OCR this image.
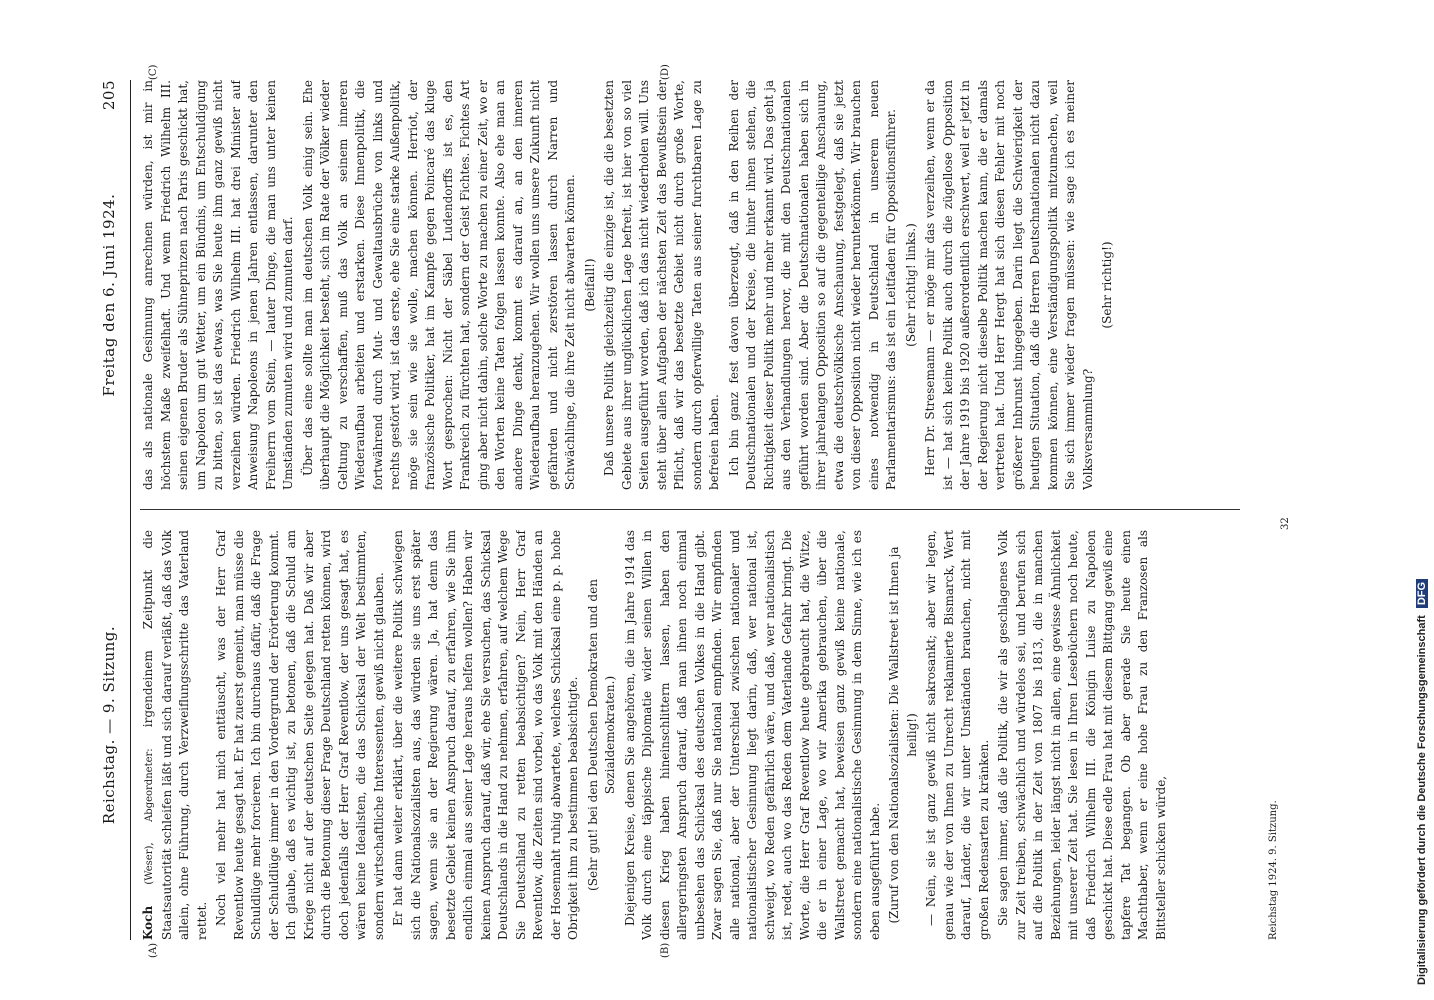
Reichstag. — 9. Sitzung.
Freitag den 6. Juni 1924.
205
(A)	(B)
(C)	(D)

Koch (Weser), Abgeordneter: irgendeinem Zeitpunkt die Staatsautorität schleifen läßt und sich darauf verläßt, daß das Volk allein, ohne Führung, durch Verzweiflungsschritte das Vaterland rettet. Noch viel mehr hat mich enttäuscht, was der Herr Graf Reventlow heute gesagt hat. Er hat zuerst gemeint, man müsse die Schuldlüge mehr forcieren. Ich bin durchaus dafür, daß die Frage der Schuldlüge immer in den Vordergrund der Erörterung kommt. Ich glaube, daß es wichtig ist, zu betonen, daß die Schuld am Kriege nicht auf der deutschen Seite gelegen hat. Daß wir aber durch die Betonung dieser Frage Deutschland retten können, wird doch jedenfalls der Herr Graf Reventlow, der uns gesagt hat, es wären keine Idealisten, die das Schicksal der Welt bestimmten, sondern wirtschaftliche Interessenten, gewiß nicht glauben. Er hat dann weiter erklärt, über die weitere Politik schwiegen sich die Nationalsozialisten aus, das würden sie uns erst später sagen, wenn sie an der Regierung wären. Ja, hat denn das besetzte Gebiet keinen Anspruch darauf, zu erfahren, wie Sie ihm endlich einmal aus seiner Lage heraus helfen wollen? Haben wir keinen Anspruch darauf, daß wir, ehe Sie versuchen, das Schicksal Deutschlands in die Hand zu nehmen, erfahren, auf welchem Wege Sie Deutschland zu retten beabsichtigen? Nein, Herr Graf Reventlow, die Zeiten sind vorbei, wo das Volk mit den Händen an der Hosennaht ruhig abwartete, welches Schicksal eine p. p. hohe Obrigkeit ihm zu bestimmen beabsichtigte. (Sehr gut! bei den Deutschen Demokraten und den Sozialdemokraten.) Diejenigen Kreise, denen Sie angehören, die im Jahre 1914 das Volk durch eine täppische Diplomatie wider seinen Willen in diesen Krieg haben hineinschlittern lassen, haben den allergeringsten Anspruch darauf, daß man ihnen noch einmal unbesehen das Schicksal des deutschen Volkes in die Hand gibt. Zwar sagen Sie, daß nur Sie national empfinden. Wir empfinden alle national, aber der Unterschied zwischen nationaler und nationalistischer Gesinnung liegt darin, daß, wer national ist, schweigt, wo Reden gefährlich wäre, und daß, wer nationalistisch ist, redet, auch wo das Reden dem Vaterlande Gefahr bringt. Die Worte, die Herr Graf Reventlow heute gebraucht hat, die Witze, die er in einer Lage, wo wir Amerika gebrauchen, über die Wallstreet gemacht hat, beweisen ganz gewiß keine nationale, sondern eine nationalistische Gesinnung in dem Sinne, wie ich es eben ausgeführt habe. (Zuruf von den Nationalsozialisten: Die Wallstreet ist Ihnen ja heilig!) — Nein, sie ist ganz gewiß nicht sakrosankt; aber wir legen, genau wie der von Ihnen zu Unrecht reklamierte Bismarck, Wert darauf, Länder, die wir unter Umständen brauchen, nicht mit großen Redensarten zu kränken. Sie sagen immer, daß die Politik, die wir als geschlagenes Volk zur Zeit treiben, schwächlich und würdelos sei, und berufen sich auf die Politik in der Zeit von 1807 bis 1813, die in manchen Beziehungen, leider längst nicht in allen, eine gewisse Ähnlichkeit mit unserer Zeit hat. Sie lesen in Ihren Lesebüchern noch heute, daß Friedrich Wilhelm III. die Königin Luise zu Napoleon geschickt hat. Diese edle Frau hat mit diesem Bittgang gewiß eine tapfere Tat begangen. Ob aber gerade Sie heute einen Machthaber, wenn er eine hohe Frau zu den Franzosen als Bittsteller schicken würde,

das als nationale Gesinnung anrechnen würden, ist mir in höchstem Maße zweifelhaft. Und wenn Friedrich Wilhelm III. seinen eigenen Bruder als Sühneprinzen nach Paris geschickt hat, um Napoleon um gut Wetter, um ein Bündnis, um Entschuldigung zu bitten, so ist das etwas, was Sie heute ihm ganz gewiß nicht verzeihen würden. Friedrich Wilhelm III. hat drei Minister auf Anweisung Napoleons in jenen Jahren entlassen, darunter den Freiherrn vom Stein, — lauter Dinge, die man uns unter keinen Umständen zumuten wird und zumuten darf. Über das eine sollte man im deutschen Volk einig sein. Ehe überhaupt die Möglichkeit besteht, sich im Rate der Völker wieder Geltung zu verschaffen, muß das Volk an seinem inneren Wiederaufbau arbeiten und erstarken. Diese Innenpolitik, die fortwährend durch Mut- und Gewaltausbrüche von links und rechts gestört wird, ist das erste, ehe Sie eine starke Außenpolitik, möge sie sein wie sie wolle, machen können. Herriot, der französische Politiker, hat im Kampfe gegen Poincaré das kluge Wort gesprochen: Nicht der Säbel Ludendorffs ist es, den Frankreich zu fürchten hat, sondern der Geist Fichtes. Fichtes Art ging aber nicht dahin, solche Worte zu machen zu einer Zeit, wo er den Worten keine Taten folgen lassen konnte. Also ehe man an andere Dinge denkt, kommt es darauf an, an den inneren Wiederaufbau heranzugehen. Wir wollen uns unsere Zukunft nicht gefährden und nicht zerstören lassen durch Narren und Schwächlinge, die ihre Zeit nicht abwarten können. (Beifall!) Daß unsere Politik gleichzeitig die einzige ist, die die besetzten Gebiete aus ihrer unglücklichen Lage befreit, ist hier von so viel Seiten ausgeführt worden, daß ich das nicht wiederholen will. Uns steht über allen Aufgaben der nächsten Zeit das Bewußtsein der Pflicht, daß wir das besetzte Gebiet nicht durch große Worte, sondern durch opferwillige Taten aus seiner furchtbaren Lage zu befreien haben. Ich bin ganz fest davon überzeugt, daß in den Reihen der Deutschnationalen und der Kreise, die hinter ihnen stehen, die Richtigkeit dieser Politik mehr und mehr erkannt wird. Das geht ja aus den Verhandlungen hervor, die mit den Deutschnationalen geführt worden sind. Aber die Deutschnationalen haben sich in ihrer jahrelangen Opposition so auf die gegenteilige Anschauung, etwa die deutschvölkische Anschauung, festgelegt, daß sie jetzt von dieser Opposition nicht wieder herunterkönnen. Wir brauchen eines notwendig in Deutschland in unserem neuen Parlamentarismus: das ist ein Leitfaden für Oppositionsführer. (Sehr richtig! links.) Herr Dr. Stresemann — er möge mir das verzeihen, wenn er da ist — hat sich keine Politik auch durch die zügellose Opposition der Jahre 1919 bis 1920 außerordentlich erschwert, weil er jetzt in der Regierung nicht dieselbe Politik machen kann, die er damals vertreten hat. Und Herr Hergt hat sich diesen Fehler mit noch größerer Inbrunst hingegeben. Darin liegt die Schwierigkeit der heutigen Situation, daß die Herren Deutschnationalen nicht dazu kommen können, eine Verständigungspolitik mitzumachen, weil Sie sich immer wieder fragen müssen: wie sage ich es meiner Volksversammlung?

(Sehr richtig!)

Reichstag 1924. 9. Sitzung.
32
Digitalisierung gefördert durch die Deutsche Forschungsgemeinschaft DFG
